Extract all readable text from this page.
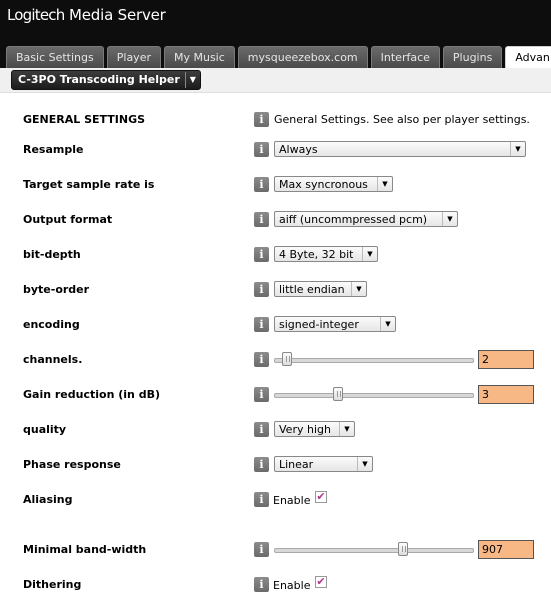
Logitech Media Server
Basic Settings	Player	My Music	mysqueezebox.com	Interface	Plugins	Advan
C-3PO Transcoding Helper	▼
GENERAL SETTINGS	i General Settings. See also per player settings.
Resample	i	Always	▼
Target sample rate is	i	Max syncronous	▼
Output format	i	aiff (uncommpressed pcm)	▼
bit-depth	i	4 Byte, 32 bit	▼
byte-order	i	little endian	▼
encoding	i	signed-integer	▼
channels.	i	2
Gain reduction (in dB)	i	3
quality	i	Very high	▼
Phase response	i	Linear	▼
Aliasing	i Enable ✔
Minimal band-width	i	907
Dithering	i Enable ✔
